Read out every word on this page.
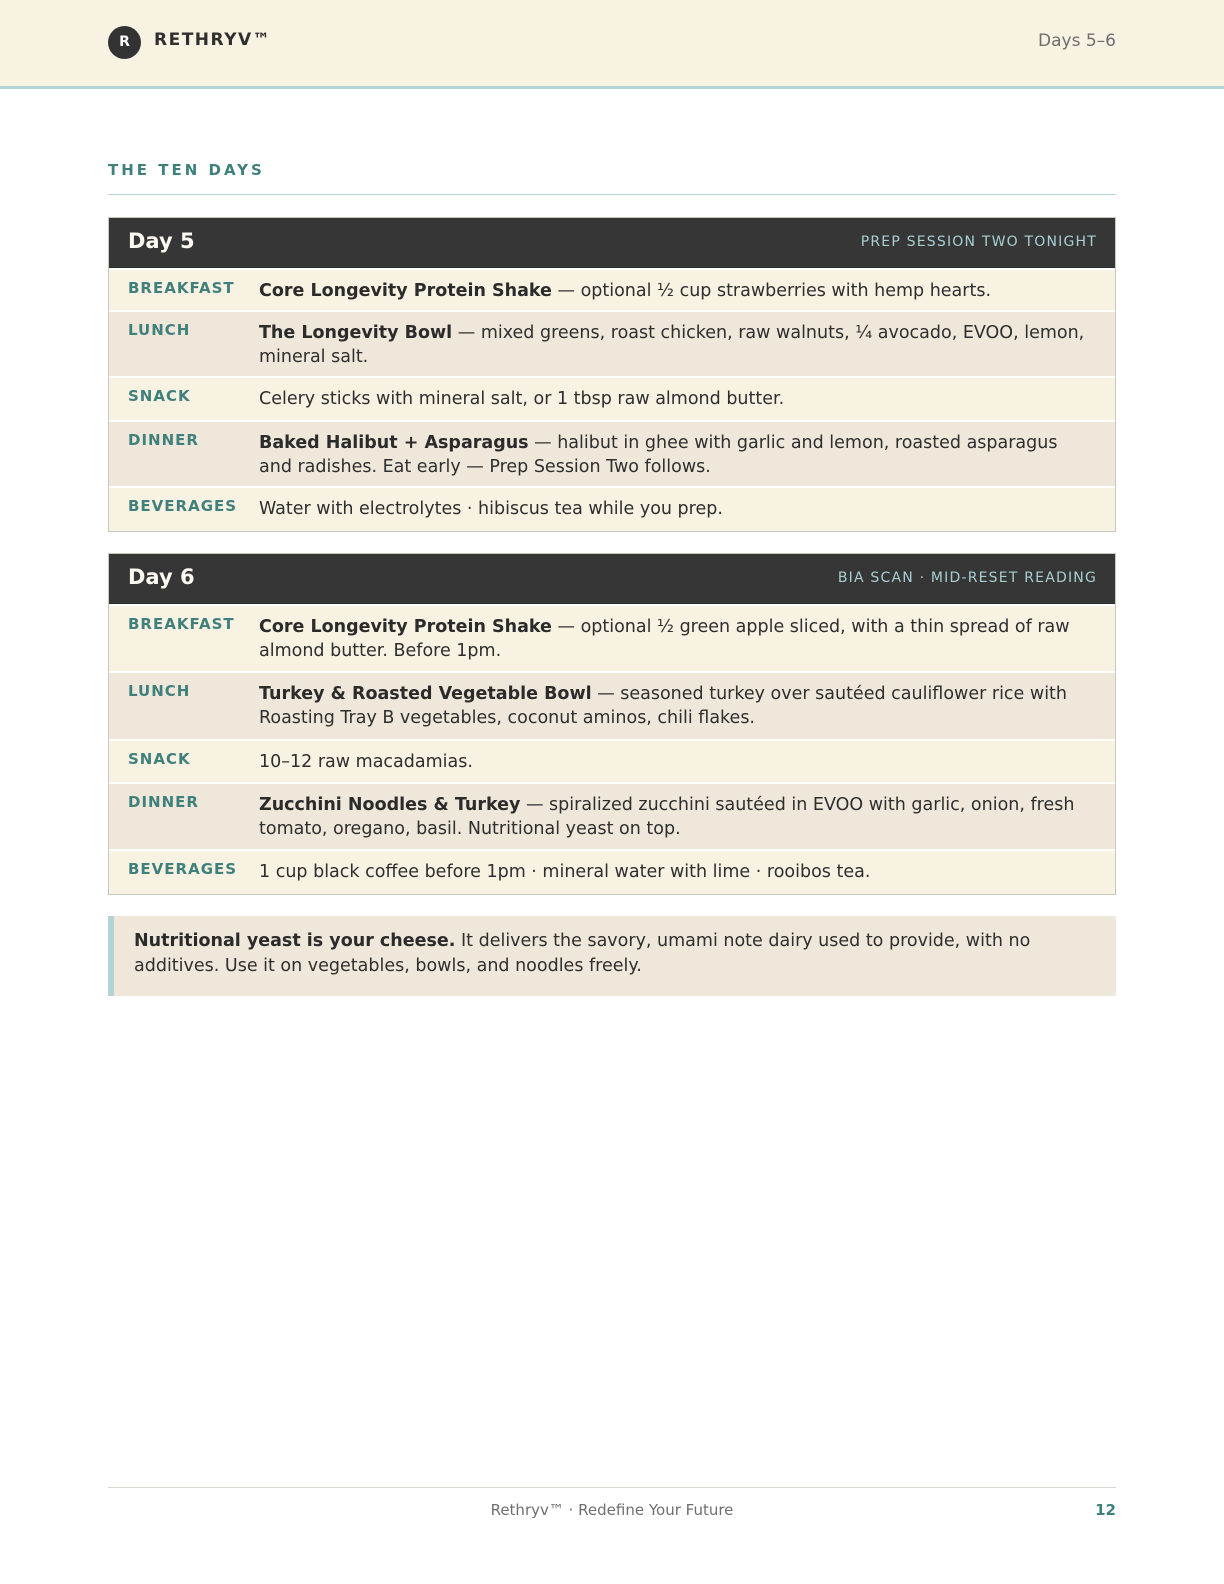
R	RETHRYV™	Days 5–6
THE TEN DAYS
Day 5	PREP SESSION TWO TONIGHT
BREAKFAST	Core Longevity Protein Shake — optional ½ cup strawberries with hemp hearts.
LUNCH	The Longevity Bowl — mixed greens, roast chicken, raw walnuts, ¼ avocado, EVOO, lemon, mineral salt.
SNACK	Celery sticks with mineral salt, or 1 tbsp raw almond butter.
DINNER	Baked Halibut + Asparagus — halibut in ghee with garlic and lemon, roasted asparagus and radishes. Eat early — Prep Session Two follows.
BEVERAGES	Water with electrolytes · hibiscus tea while you prep.
Day 6	BIA SCAN · MID-RESET READING
BREAKFAST	Core Longevity Protein Shake — optional ½ green apple sliced, with a thin spread of raw almond butter. Before 1pm.
LUNCH	Turkey & Roasted Vegetable Bowl — seasoned turkey over sautéed cauliflower rice with Roasting Tray B vegetables, coconut aminos, chili flakes.
SNACK	10–12 raw macadamias.
DINNER	Zucchini Noodles & Turkey — spiralized zucchini sautéed in EVOO with garlic, onion, fresh tomato, oregano, basil. Nutritional yeast on top.
BEVERAGES	1 cup black coffee before 1pm · mineral water with lime · rooibos tea.
Nutritional yeast is your cheese. It delivers the savory, umami note dairy used to provide, with no additives. Use it on vegetables, bowls, and noodles freely.
Rethryv™ · Redefine Your Future	12
